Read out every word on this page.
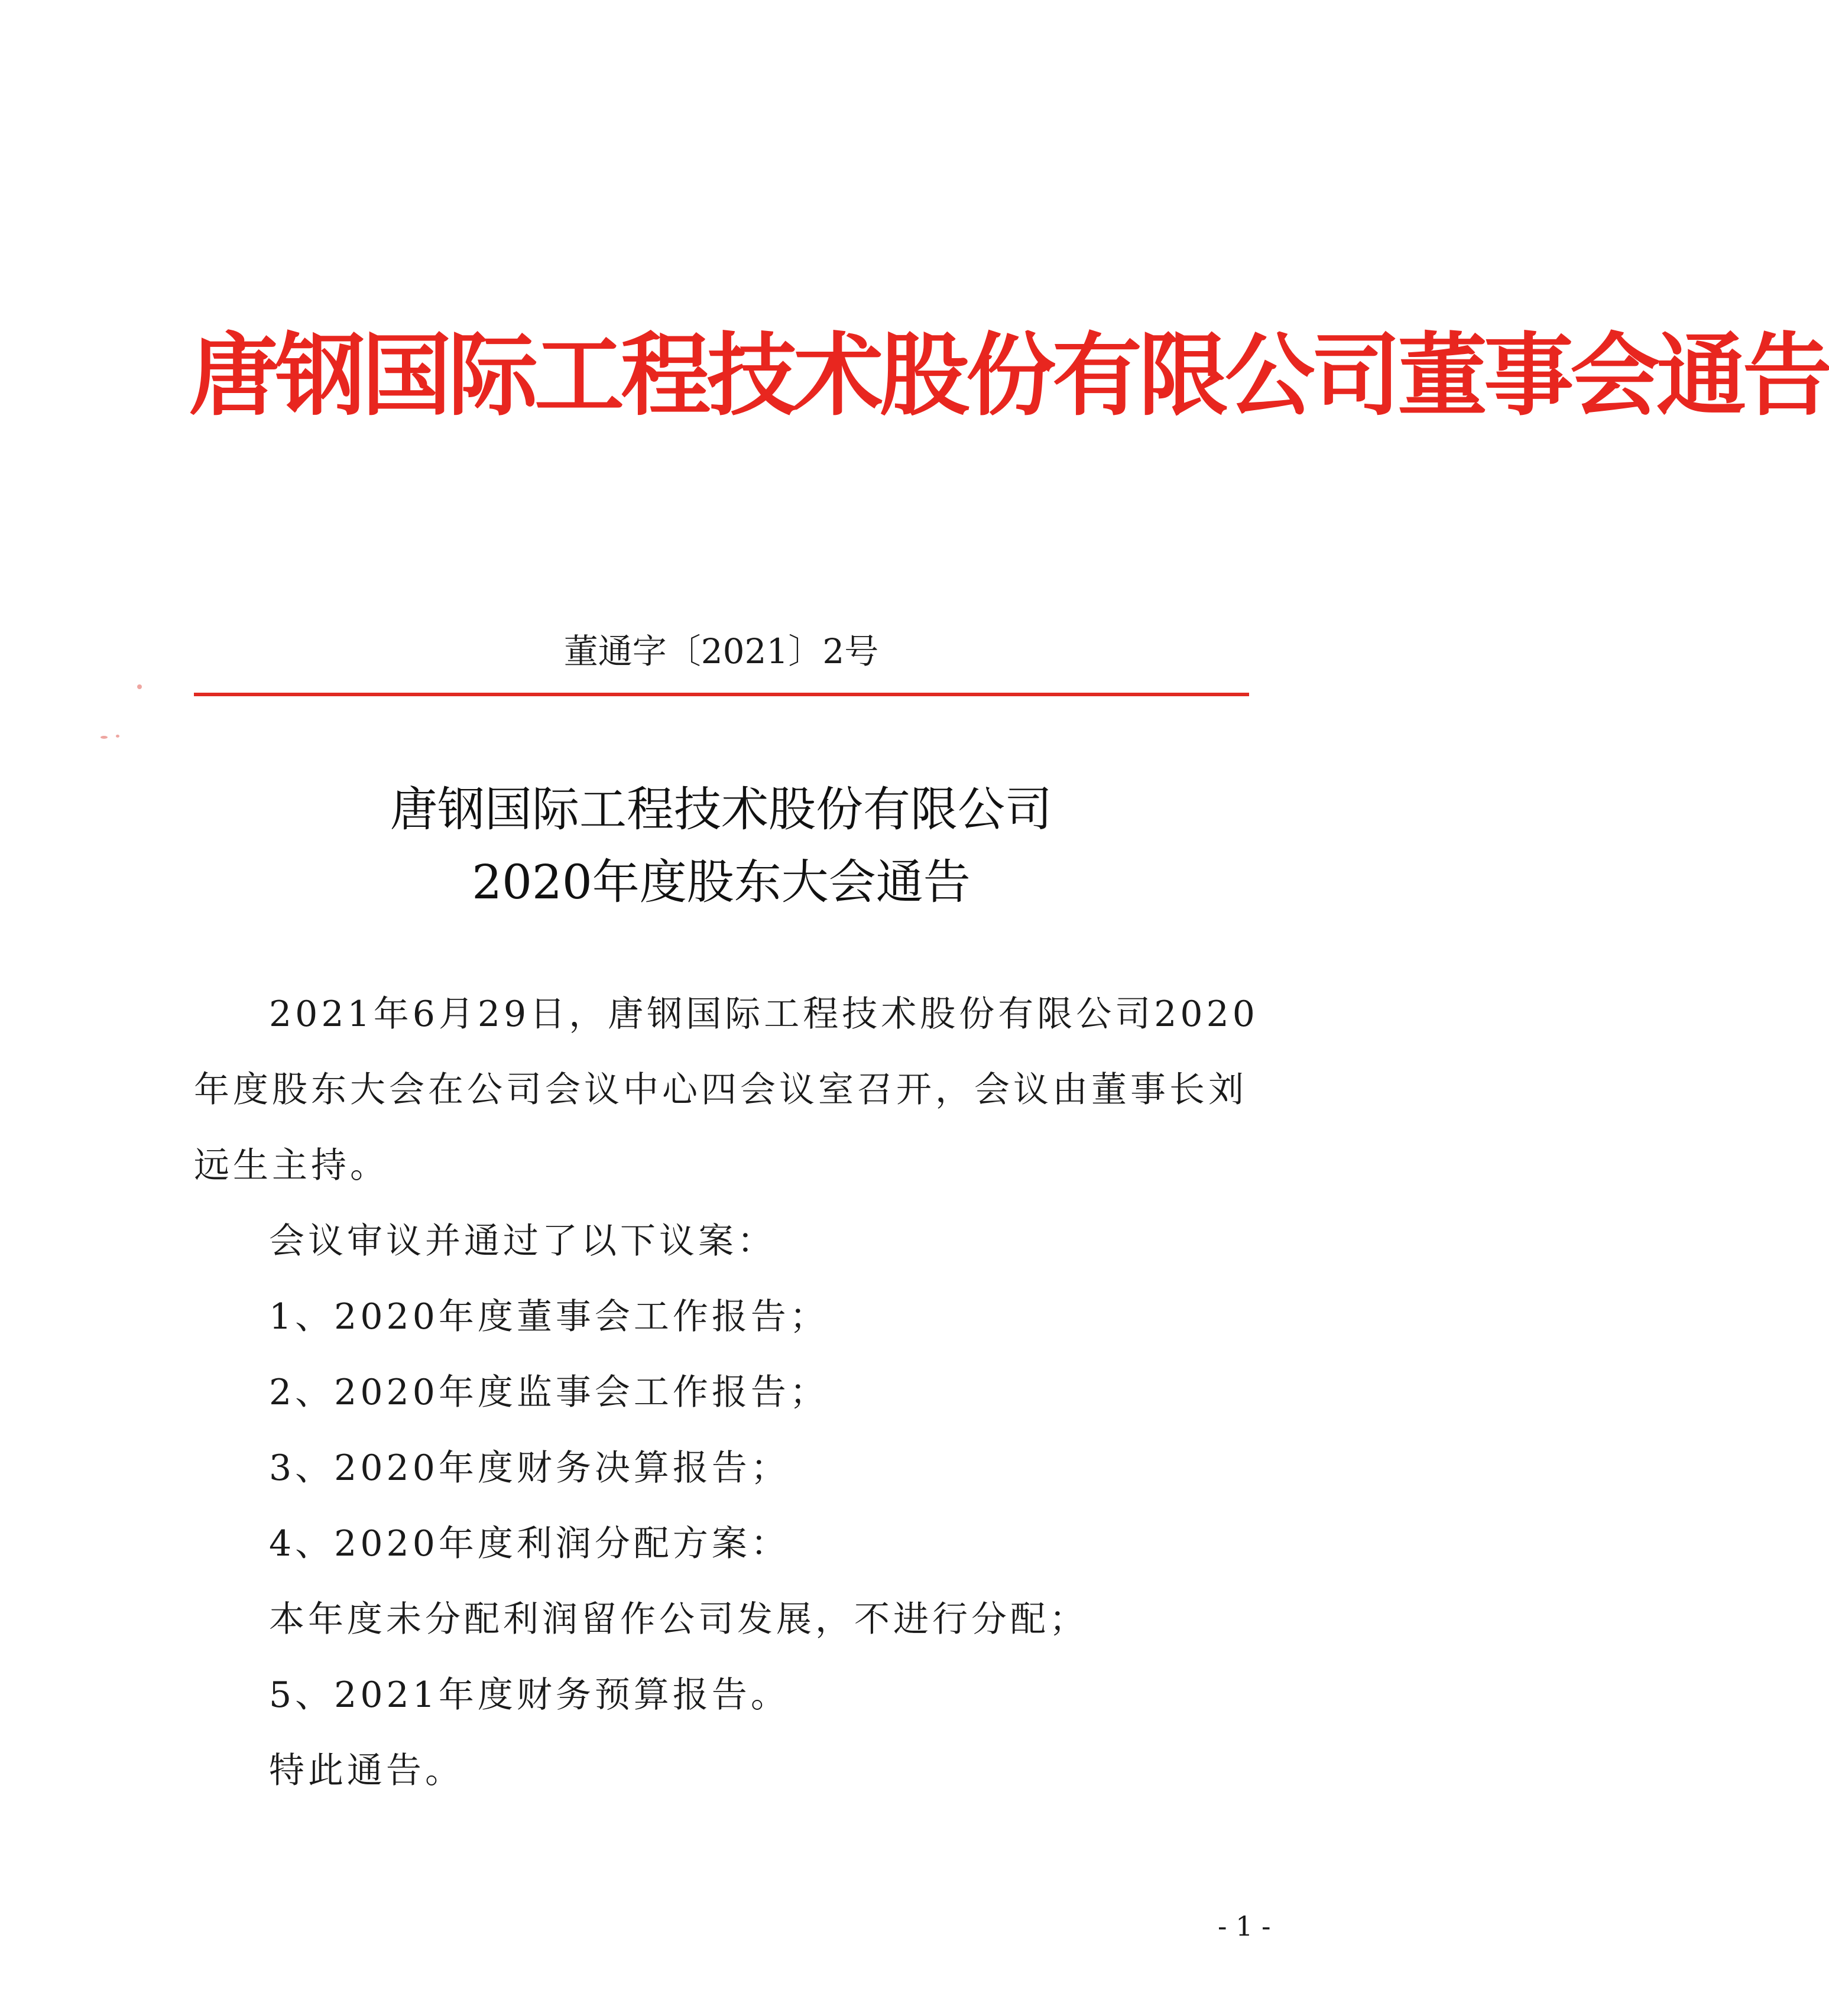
唐钢国际工程技术股份有限公司董事会通告
董通字〔2021〕2号
唐钢国际工程技术股份有限公司
2020年度股东大会通告
2021年6月29日，唐钢国际工程技术股份有限公司2020
年度股东大会在公司会议中心四会议室召开，会议由董事长刘
远生主持。
会议审议并通过了以下议案：
1、2020年度董事会工作报告；
2、2020年度监事会工作报告；
3、2020年度财务决算报告；
4、2020年度利润分配方案：
本年度未分配利润留作公司发展，不进行分配；
5、2021年度财务预算报告。
特此通告。
- 1 -
